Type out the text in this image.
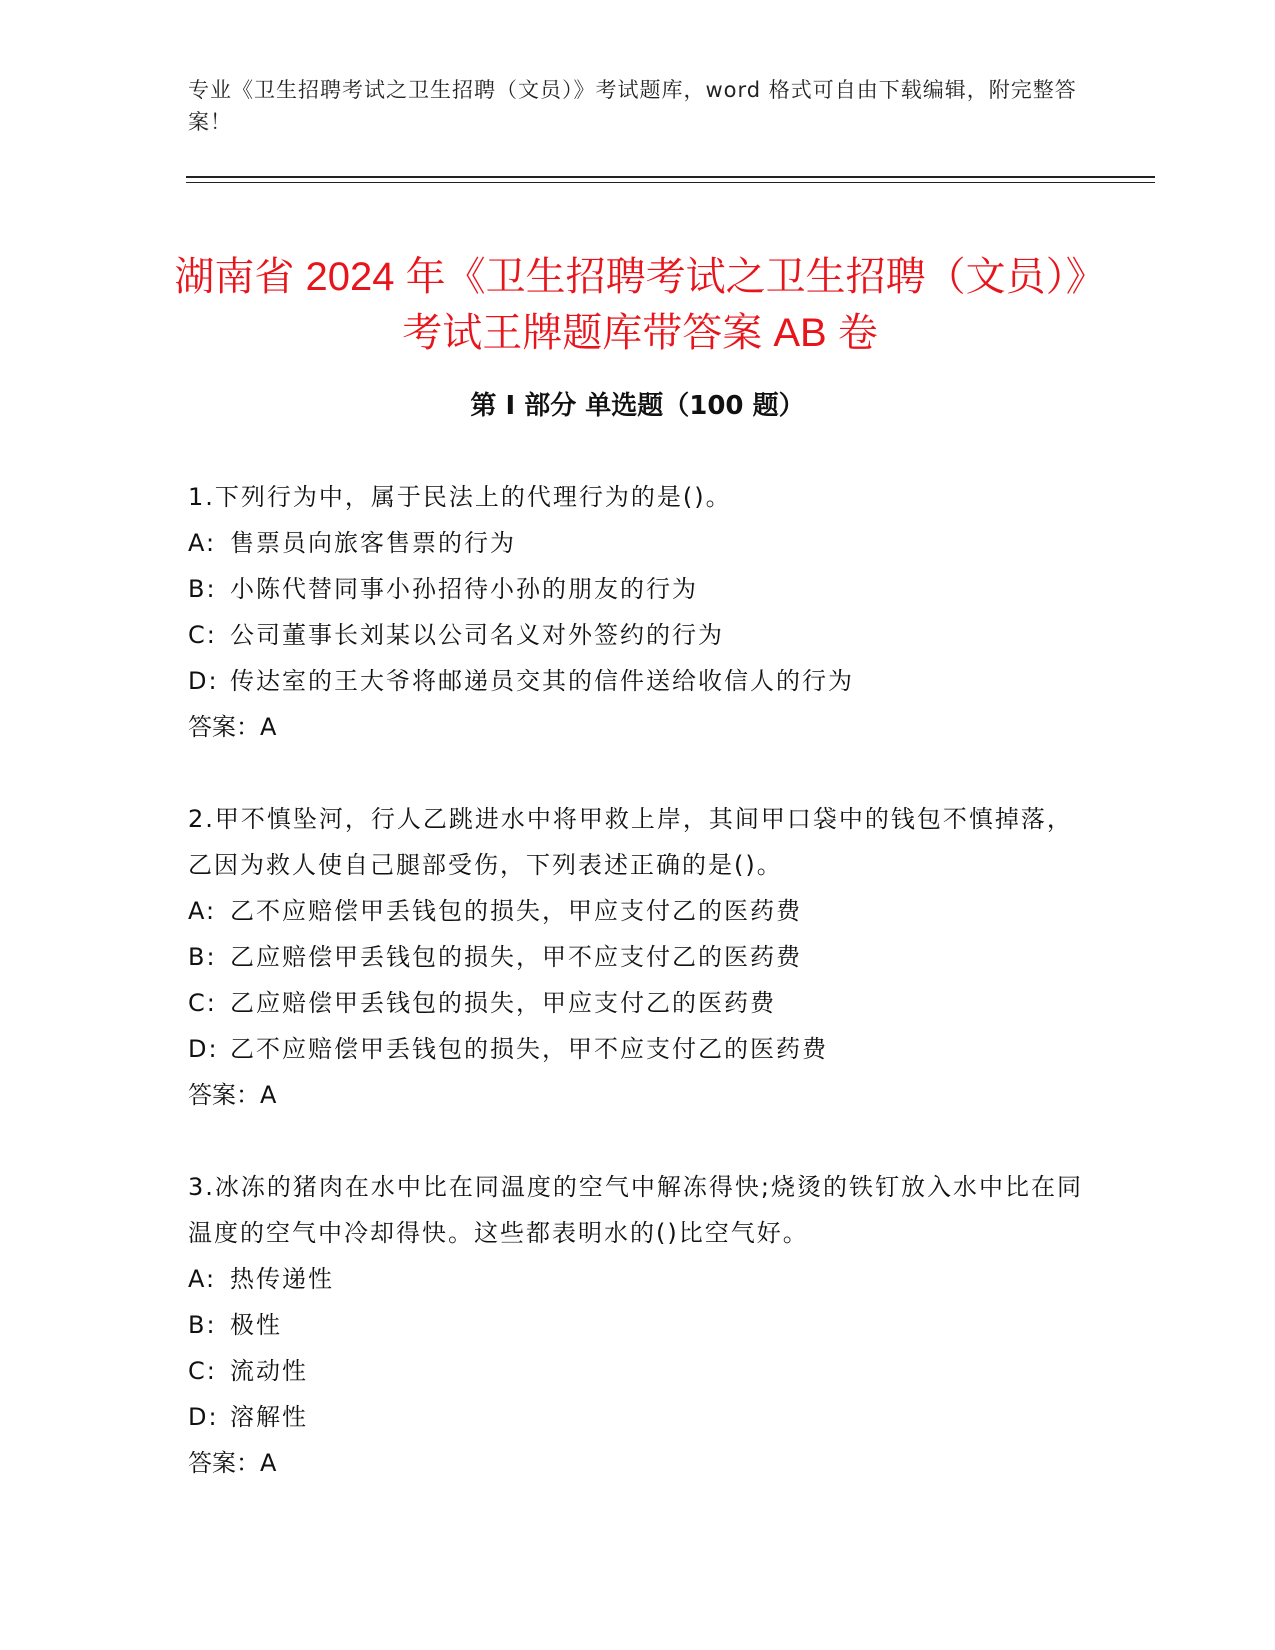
专业《卫生招聘考试之卫生招聘（文员）》考试题库，word 格式可自由下载编辑，附完整答案！
湖南省 2024 年《卫生招聘考试之卫生招聘（文员）》考试王牌题库带答案 AB 卷
第 I 部分 单选题（100 题）

1.下列行为中，属于民法上的代理行为的是()。

A: 售票员向旅客售票的行为

B: 小陈代替同事小孙招待小孙的朋友的行为

C: 公司董事长刘某以公司名义对外签约的行为

D: 传达室的王大爷将邮递员交其的信件送给收信人的行为

答案：A

2.甲不慎坠河，行人乙跳进水中将甲救上岸，其间甲口袋中的钱包不慎掉落，乙因为救人使自己腿部受伤，下列表述正确的是()。

A: 乙不应赔偿甲丢钱包的损失，甲应支付乙的医药费

B: 乙应赔偿甲丢钱包的损失，甲不应支付乙的医药费

C: 乙应赔偿甲丢钱包的损失，甲应支付乙的医药费

D: 乙不应赔偿甲丢钱包的损失，甲不应支付乙的医药费

答案：A

3.冰冻的猪肉在水中比在同温度的空气中解冻得快;烧烫的铁钉放入水中比在同温度的空气中冷却得快。这些都表明水的()比空气好。

A: 热传递性

B: 极性

C: 流动性

D: 溶解性

答案：A
